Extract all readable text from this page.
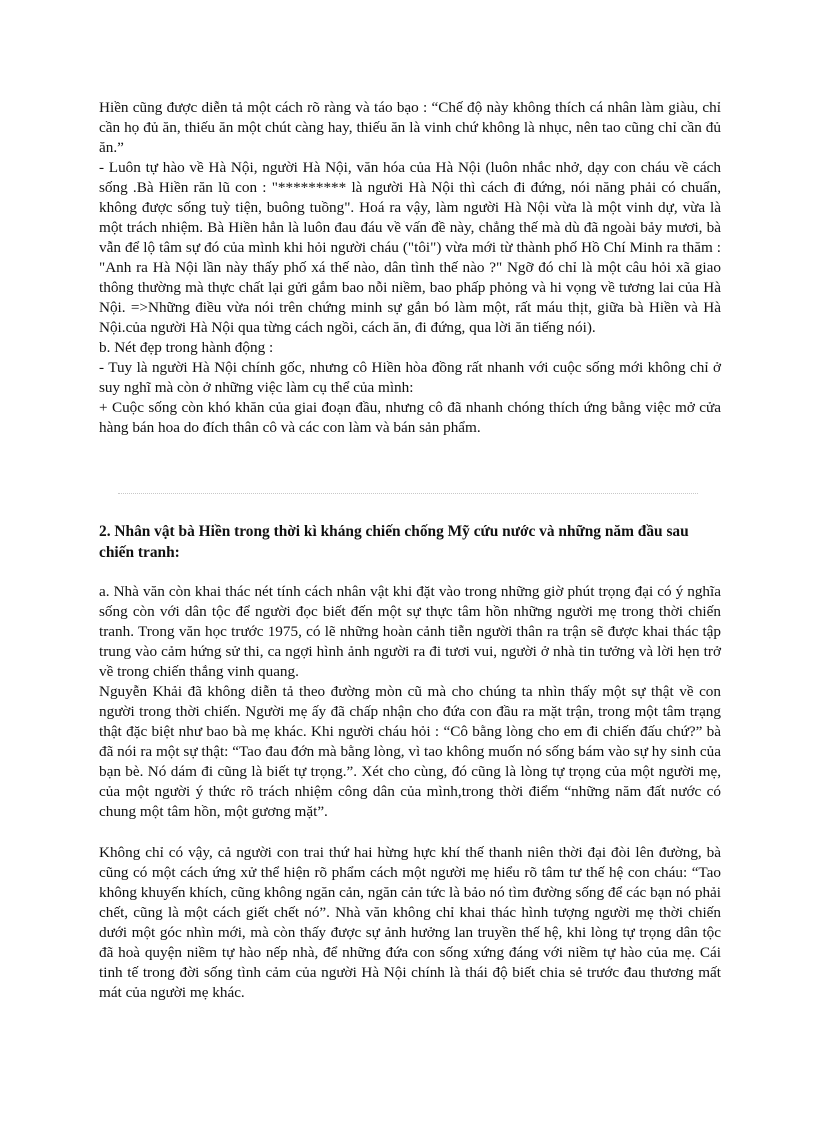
Hiền cũng được diễn tả một cách rõ ràng và táo bạo : “Chế độ này không thích cá nhân làm giàu, chỉ cần họ đủ ăn, thiếu ăn một chút càng hay, thiếu ăn là vinh chứ không là nhục, nên tao cũng chỉ cần đủ ăn.”

- Luôn tự hào về Hà Nội, người Hà Nội, văn hóa của Hà Nội (luôn nhắc nhở, dạy con cháu về cách sống .Bà Hiền răn lũ con : "********* là người Hà Nội thì cách đi đứng, nói năng phải có chuẩn, không được sống tuỳ tiện, buông tuồng". Hoá ra vậy, làm người Hà Nội vừa là một vinh dự, vừa là một trách nhiệm. Bà Hiền hẳn là luôn đau đáu về vấn đề này, chẳng thế mà dù đã ngoài bảy mươi, bà vẫn để lộ tâm sự đó của mình khi hỏi người cháu ("tôi") vừa mới từ thành phố Hồ Chí Minh ra thăm : "Anh ra Hà Nội lần này thấy phố xá thế nào, dân tình thế nào ?" Ngỡ đó chỉ là một câu hỏi xã giao thông thường mà thực chất lại gửi gắm bao nỗi niềm, bao phấp phỏng và hi vọng về tương lai của Hà Nội. =>Những điều vừa nói trên chứng minh sự gắn bó làm một, rất máu thịt, giữa bà Hiền và Hà Nội.của người Hà Nội qua từng cách ngồi, cách ăn, đi đứng, qua lời ăn tiếng nói).

b. Nét đẹp trong hành động :

- Tuy là người Hà Nội chính gốc, nhưng cô Hiền hòa đồng rất nhanh với cuộc sống mới không chỉ ở suy nghĩ mà còn ở những việc làm cụ thể của mình:

+ Cuộc sống còn khó khăn của giai đoạn đầu, nhưng cô đã nhanh chóng thích ứng bằng việc mở cửa hàng bán hoa do đích thân cô và các con làm và bán sản phẩm.

2. Nhân vật bà Hiền trong thời kì kháng chiến chống Mỹ cứu nước và những năm đầu sau chiến tranh:

a. Nhà văn còn khai thác nét tính cách nhân vật khi đặt vào trong những giờ phút trọng đại có ý nghĩa sống còn với dân tộc để người đọc biết đến một sự thực tâm hồn những người mẹ trong thời chiến tranh. Trong văn học trước 1975, có lẽ những hoàn cảnh tiễn người thân ra trận sẽ được khai thác tập trung vào cảm hứng sử thi, ca ngợi hình ảnh người ra đi tươi vui, người ở nhà tin tưởng và lời hẹn trở về trong chiến thắng vinh quang.

Nguyễn Khải đã không diễn tả theo đường mòn cũ mà cho chúng ta nhìn thấy một sự thật về con người trong thời chiến. Người mẹ ấy đã chấp nhận cho đứa con đầu ra mặt trận, trong một tâm trạng thật đặc biệt như bao bà mẹ khác. Khi người cháu hỏi : “Cô bằng lòng cho em đi chiến đấu chứ?” bà đã nói ra một sự thật: “Tao đau đớn mà bằng lòng, vì tao không muốn nó sống bám vào sự hy sinh của bạn bè. Nó dám đi cũng là biết tự trọng.”. Xét cho cùng, đó cũng là lòng tự trọng của một người mẹ, của một người ý thức rõ trách nhiệm công dân của mình,trong thời điểm “những năm đất nước có chung một tâm hồn, một gương mặt”.

Không chỉ có vậy, cả người con trai thứ hai hừng hực khí thế thanh niên thời đại đòi lên đường, bà cũng có một cách ứng xử thể hiện rõ phẩm cách một người mẹ hiểu rõ tâm tư thế hệ con cháu: “Tao không khuyến khích, cũng không ngăn cản, ngăn cản tức là bảo nó tìm đường sống để các bạn nó phải chết, cũng là một cách giết chết nó”. Nhà văn không chỉ khai thác hình tượng người mẹ thời chiến dưới một góc nhìn mới, mà còn thấy được sự ảnh hưởng lan truyền thế hệ, khi lòng tự trọng dân tộc đã hoà quyện niềm tự hào nếp nhà, để những đứa con sống xứng đáng với niềm tự hào của mẹ. Cái tinh tế trong đời sống tình cảm của người Hà Nội chính là thái độ biết chia sẻ trước đau thương mất mát của người mẹ khác.
